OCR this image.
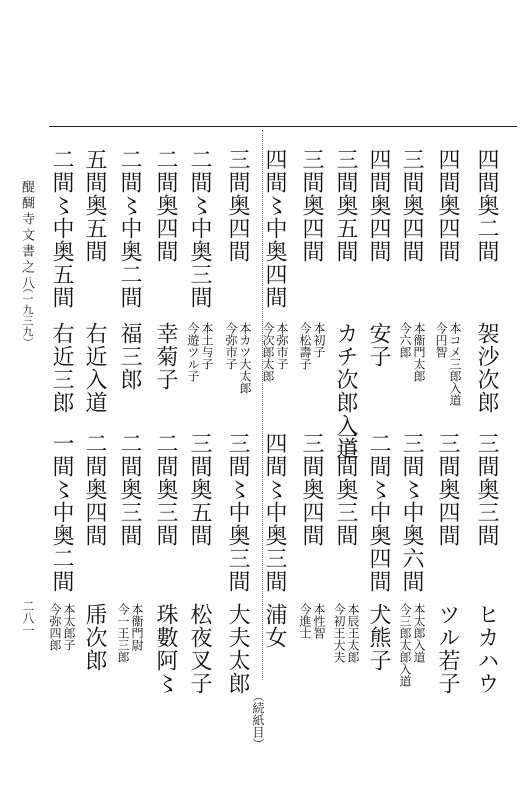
醍醐寺文書之八
（一九三九）
二八一
（続紙目）
四間奥二間
袈沙次郎
三間奥三間
ヒカハウ
四間奥四間
本コメ三郎入道
今円智
三間奥四間
ツル若子
三間奥四間
本衞門太郎
今六郎
三間〻中奥六間
本太郎入道
今三郎太郎入道
四間奥四間
安子
二間〻中奥四間
犬熊子
三間奥五間
カチ次郎入道
三間奥三間
本辰王太郎
今初王大夫
三間奥四間
本初子
今松壽子
三間奥四間
本性智
今進士
四間〻中奥四間
本弥市子
今次郎太郎
四間〻中奥三間
浦女
三間奥四間
本カツ大太郎
今弥市子
三間〻中奥三間
大夫太郎
二間〻中奥三間
本土与子
今遊ツル子
三間奥五間
松夜叉子
二間奥四間
幸菊子
二間奥三間
珠數阿〻
二間〻中奥二間
福三郎
二間奥三間
本衞門尉
今一王三郎
五間奥五間
右近入道
二間奥四間
乕次郎
二間〻中奥五間
右近三郎
一間〻中奥二間
本太郎子
今弥四郎
